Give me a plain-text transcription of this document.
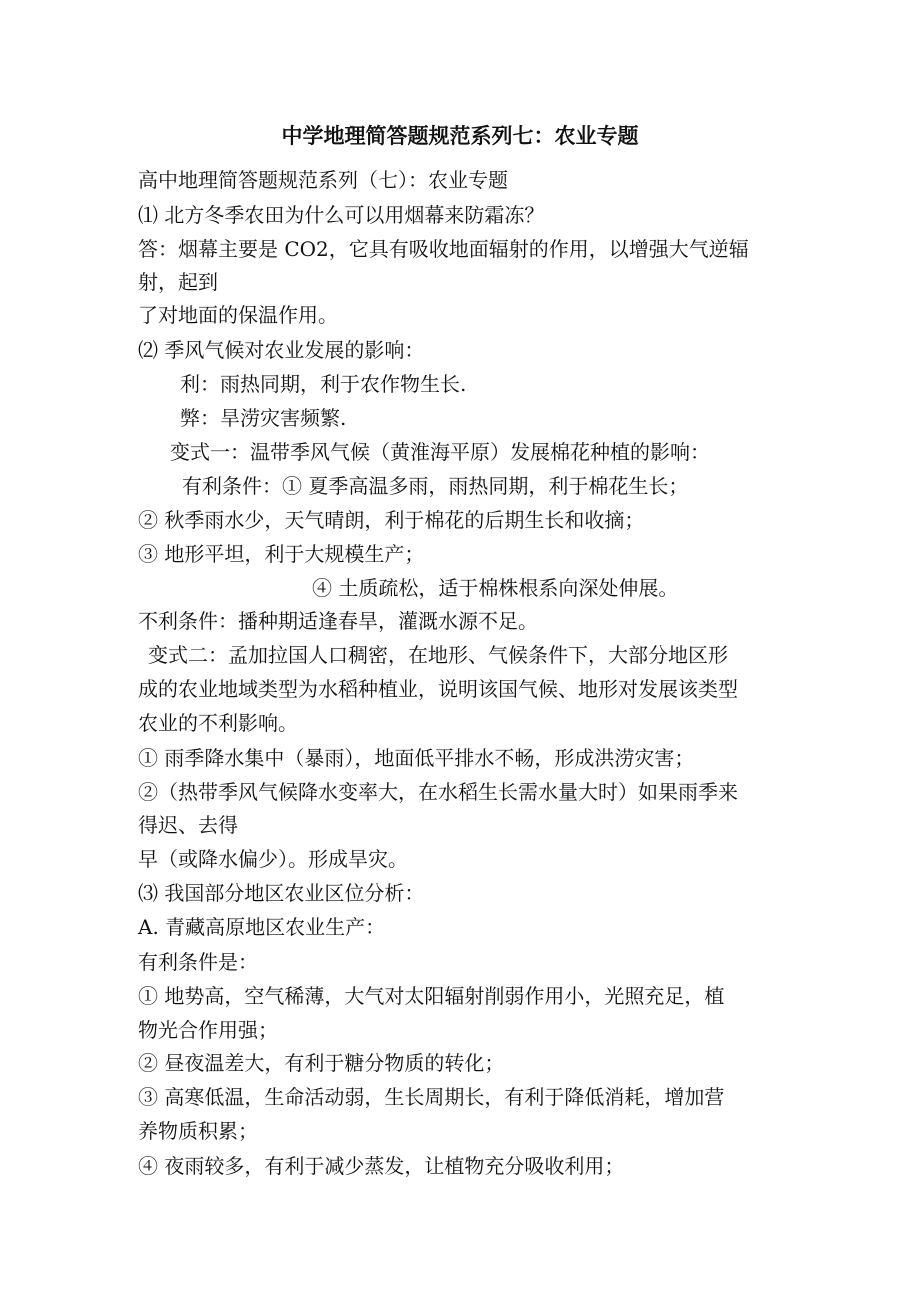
中学地理简答题规范系列七：农业专题
高中地理简答题规范系列（七）：农业专题
⑴ 北方冬季农田为什么可以用烟幕来防霜冻？
答：烟幕主要是 CO2，它具有吸收地面辐射的作用，以增强大气逆辐
射，起到
了对地面的保温作用。
⑵ 季风气候对农业发展的影响：
利：雨热同期，利于农作物生长.
弊：旱涝灾害频繁.
变式一：温带季风气候（黄淮海平原）发展棉花种植的影响：
有利条件：① 夏季高温多雨，雨热同期，利于棉花生长；
② 秋季雨水少，天气晴朗，利于棉花的后期生长和收摘；
③ 地形平坦，利于大规模生产；
④ 土质疏松，适于棉株根系向深处伸展。
不利条件：播种期适逢春旱，灌溉水源不足。
变式二：孟加拉国人口稠密，在地形、气候条件下，大部分地区形
成的农业地域类型为水稻种植业，说明该国气候、地形对发展该类型
农业的不利影响。
① 雨季降水集中（暴雨），地面低平排水不畅，形成洪涝灾害；
②（热带季风气候降水变率大，在水稻生长需水量大时）如果雨季来
得迟、去得
早（或降水偏少）。形成旱灾。
⑶ 我国部分地区农业区位分析：
A. 青藏高原地区农业生产：
有利条件是：
① 地势高，空气稀薄，大气对太阳辐射削弱作用小，光照充足，植
物光合作用强；
② 昼夜温差大，有利于糖分物质的转化；
③ 高寒低温，生命活动弱，生长周期长，有利于降低消耗，增加营
养物质积累；
④ 夜雨较多，有利于减少蒸发，让植物充分吸收利用；
